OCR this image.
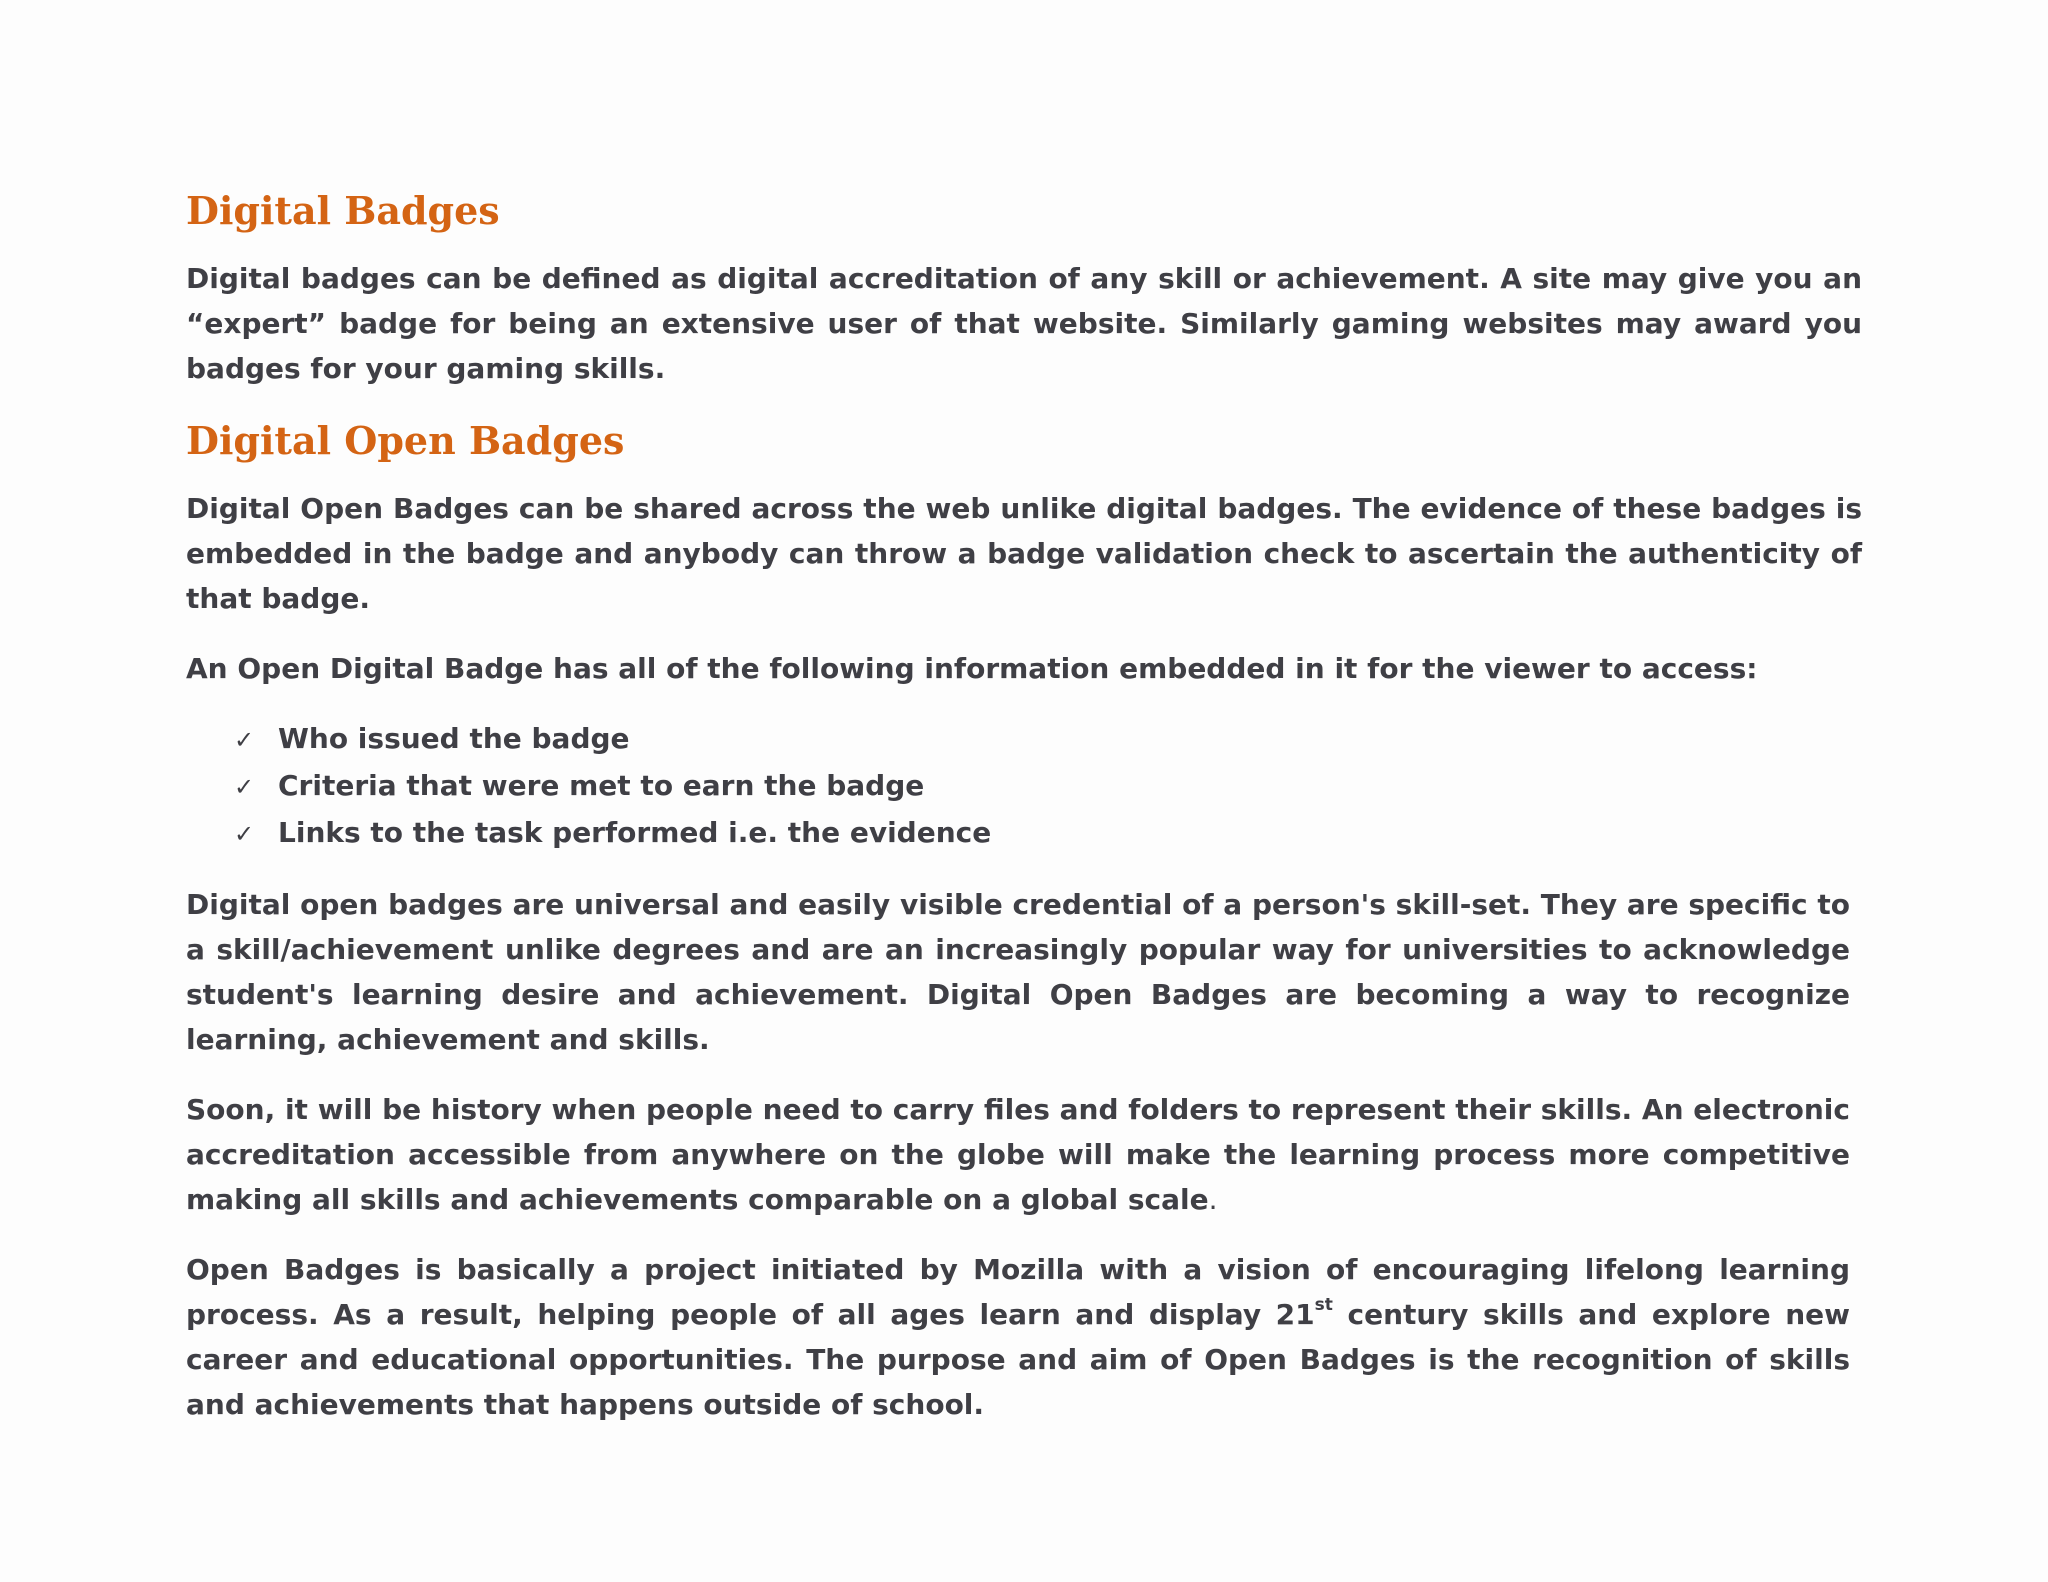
Digital Badges

Digital badges can be defined as digital accreditation of any skill or achievement. A site may give you an “expert” badge for being an extensive user of that website. Similarly gaming websites may award you badges for your gaming skills.

Digital Open Badges

Digital Open Badges can be shared across the web unlike digital badges. The evidence of these badges is embedded in the badge and anybody can throw a badge validation check to ascertain the authenticity of that badge.

An Open Digital Badge has all of the following information embedded in it for the viewer to access:

✓ Who issued the badge
✓ Criteria that were met to earn the badge
✓ Links to the task performed i.e. the evidence

Digital open badges are universal and easily visible credential of a person's skill-set. They are specific to a skill/achievement unlike degrees and are an increasingly popular way for universities to acknowledge student's learning desire and achievement. Digital Open Badges are becoming a way to recognize learning, achievement and skills.

Soon, it will be history when people need to carry files and folders to represent their skills. An electronic accreditation accessible from anywhere on the globe will make the learning process more competitive making all skills and achievements comparable on a global scale.

Open Badges is basically a project initiated by Mozilla with a vision of encouraging lifelong learning process. As a result, helping people of all ages learn and display 21st century skills and explore new career and educational opportunities. The purpose and aim of Open Badges is the recognition of skills and achievements that happens outside of school.
